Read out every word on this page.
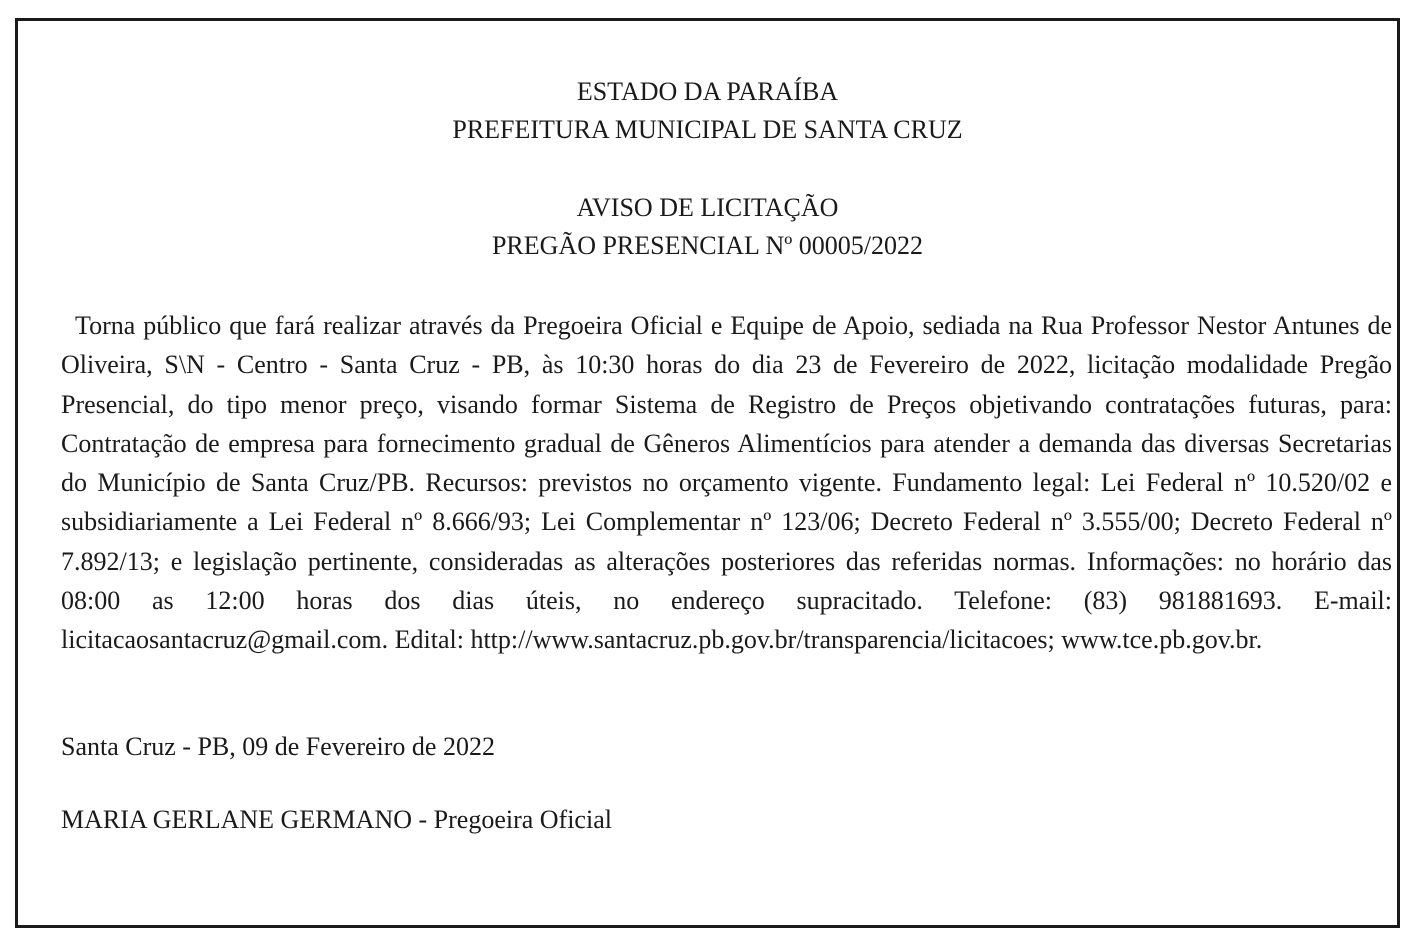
ESTADO DA PARAÍBA
PREFEITURA MUNICIPAL DE SANTA CRUZ
AVISO DE LICITAÇÃO
PREGÃO PRESENCIAL Nº 00005/2022

Torna público que fará realizar através da Pregoeira Oficial e Equipe de Apoio, sediada na Rua Professor Nestor Antunes de Oliveira, S\N - Centro - Santa Cruz - PB, às 10:30 horas do dia 23 de Fevereiro de 2022, licitação modalidade Pregão Presencial, do tipo menor preço, visando formar Sistema de Registro de Preços objetivando contratações futuras, para: Contratação de empresa para fornecimento gradual de Gêneros Alimentícios para atender a demanda das diversas Secretarias do Município de Santa Cruz/PB. Recursos: previstos no orçamento vigente. Fundamento legal: Lei Federal nº 10.520/02 e subsidiariamente a Lei Federal nº 8.666/93; Lei Complementar nº 123/06; Decreto Federal nº 3.555/00; Decreto Federal nº 7.892/13; e legislação pertinente, consideradas as alterações posteriores das referidas normas. Informações: no horário das 08:00 as 12:00 horas dos dias úteis, no endereço supracitado. Telefone: (83) 981881693. E-mail: licitacaosantacruz@gmail.com. Edital: http://www.santacruz.pb.gov.br/transparencia/licitacoes; www.tce.pb.gov.br.

Santa Cruz - PB, 09 de Fevereiro de 2022
MARIA GERLANE GERMANO - Pregoeira Oficial
